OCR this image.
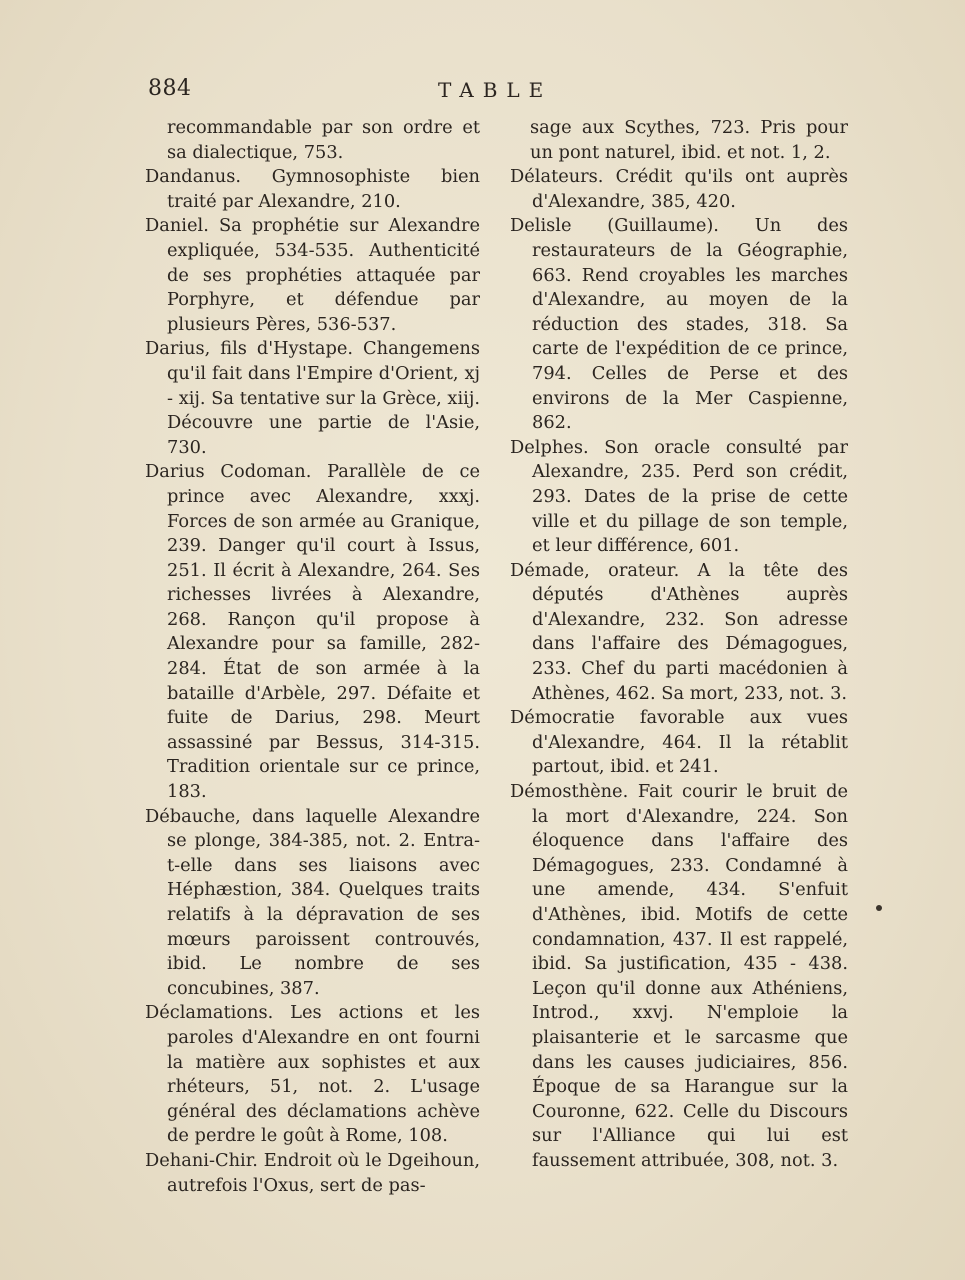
884	TABLE

recommandable par son ordre et sa dialectique, 753.

Dandanus. Gymnosophiste bien traité par Alexandre, 210.

Daniel. Sa prophétie sur Alexandre expliquée, 534-535. Authenticité de ses prophéties attaquée par Porphyre, et défendue par plusieurs Pères, 536-537.

Darius, fils d'Hystape. Changemens qu'il fait dans l'Empire d'Orient, xj - xij. Sa tentative sur la Grèce, xiij. Découvre une partie de l'Asie, 730.

Darius Codoman. Parallèle de ce prince avec Alexandre, xxxj. Forces de son armée au Granique, 239. Danger qu'il court à Issus, 251. Il écrit à Alexandre, 264. Ses richesses livrées à Alexandre, 268. Rançon qu'il propose à Alexandre pour sa famille, 282-284. État de son armée à la bataille d'Arbèle, 297. Défaite et fuite de Darius, 298. Meurt assassiné par Bessus, 314-315. Tradition orientale sur ce prince, 183.

Débauche, dans laquelle Alexandre se plonge, 384-385, not. 2. Entra-t-elle dans ses liaisons avec Héphæstion, 384. Quelques traits relatifs à la dépravation de ses mœurs paroissent controuvés, ibid. Le nombre de ses concubines, 387.

Déclamations. Les actions et les paroles d'Alexandre en ont fourni la matière aux sophistes et aux rhéteurs, 51, not. 2. L'usage général des déclamations achève de perdre le goût à Rome, 108.

Dehani-Chir. Endroit où le Dgeihoun, autrefois l'Oxus, sert de pas-

sage aux Scythes, 723. Pris pour un pont naturel, ibid. et not. 1, 2.

Délateurs. Crédit qu'ils ont auprès d'Alexandre, 385, 420.

Delisle (Guillaume). Un des restaurateurs de la Géographie, 663. Rend croyables les marches d'Alexandre, au moyen de la réduction des stades, 318. Sa carte de l'expédition de ce prince, 794. Celles de Perse et des environs de la Mer Caspienne, 862.

Delphes. Son oracle consulté par Alexandre, 235. Perd son crédit, 293. Dates de la prise de cette ville et du pillage de son temple, et leur différence, 601.

Démade, orateur. A la tête des députés d'Athènes auprès d'Alexandre, 232. Son adresse dans l'affaire des Démagogues, 233. Chef du parti macédonien à Athènes, 462. Sa mort, 233, not. 3.

Démocratie favorable aux vues d'Alexandre, 464. Il la rétablit partout, ibid. et 241.

Démosthène. Fait courir le bruit de la mort d'Alexandre, 224. Son éloquence dans l'affaire des Démagogues, 233. Condamné à une amende, 434. S'enfuit d'Athènes, ibid. Motifs de cette condamnation, 437. Il est rappelé, ibid. Sa justification, 435 - 438. Leçon qu'il donne aux Athéniens, Introd., xxvj. N'emploie la plaisanterie et le sarcasme que dans les causes judiciaires, 856. Époque de sa Harangue sur la Couronne, 622. Celle du Discours sur l'Alliance qui lui est faussement attribuée, 308, not. 3.
